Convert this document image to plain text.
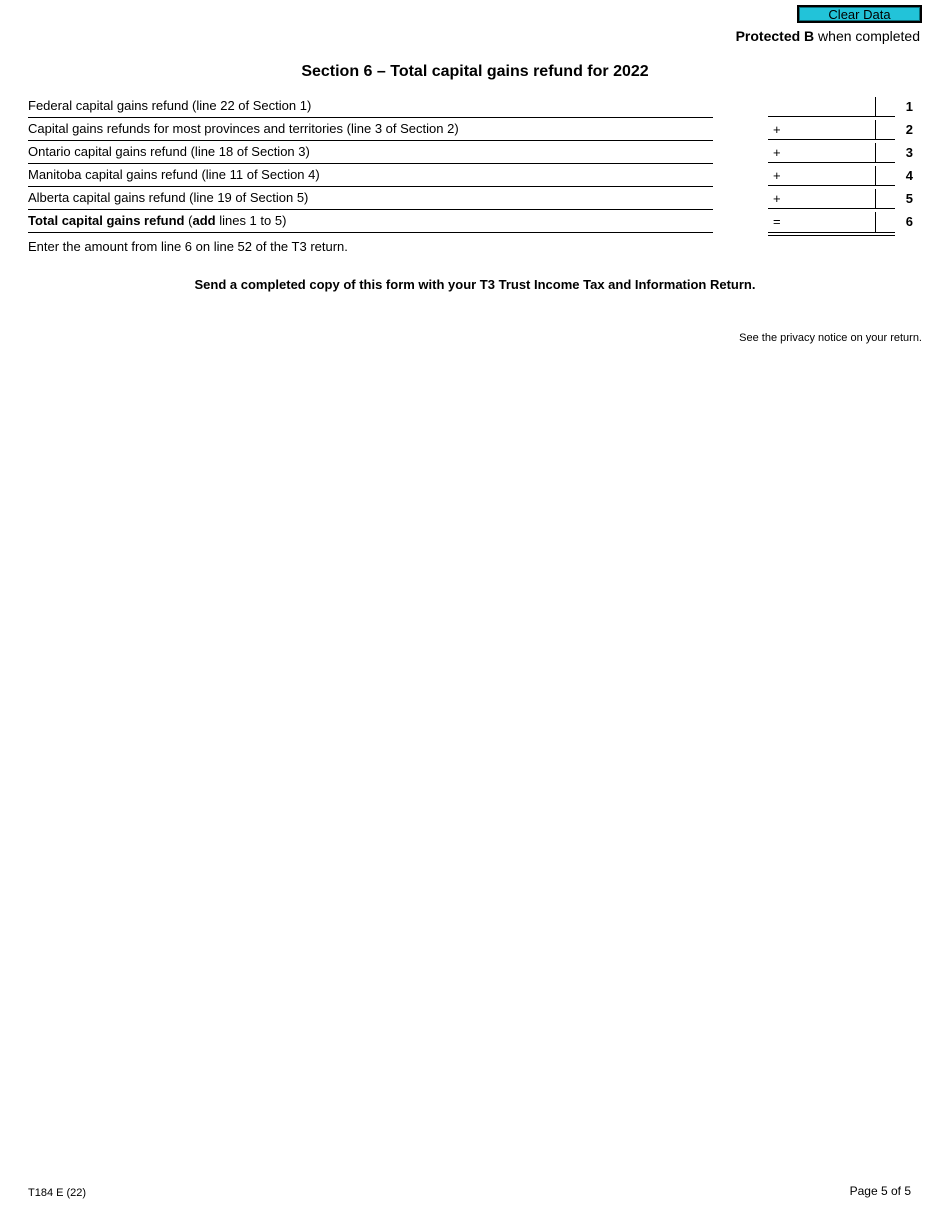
Clear Data
Protected B when completed
Section 6 – Total capital gains refund for 2022
Federal capital gains refund (line 22 of Section 1)	1
Capital gains refunds for most provinces and territories (line 3 of Section 2)	+	2
Ontario capital gains refund (line 18 of Section 3)	+	3
Manitoba capital gains refund (line 11 of Section 4)	+	4
Alberta capital gains refund (line 19 of Section 5)	+	5
Total capital gains refund (add lines 1 to 5)	=	6
Enter the amount from line 6 on line 52 of the T3 return.
Send a completed copy of this form with your T3 Trust Income Tax and Information Return.
See the privacy notice on your return.
T184 E (22)	Page 5 of 5
